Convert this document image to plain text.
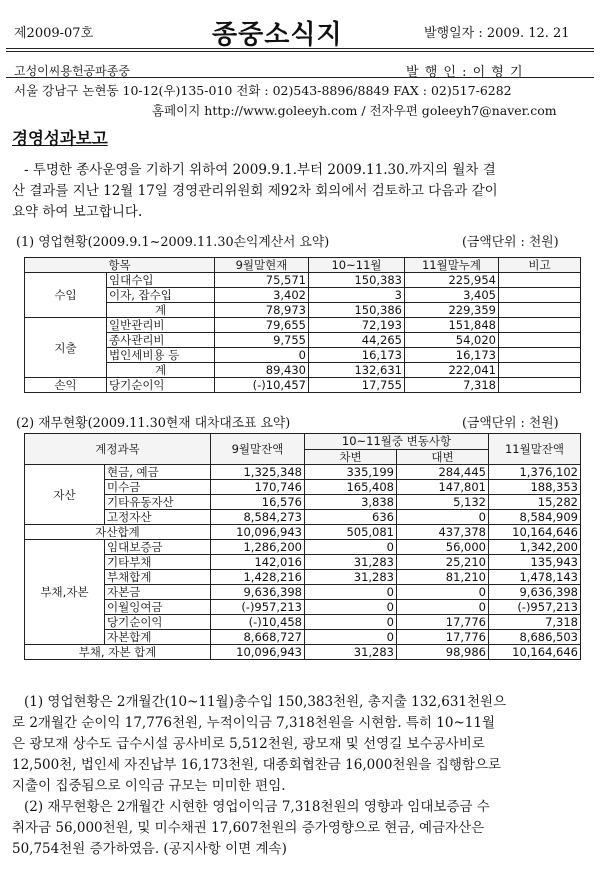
제2009-07호	종중소식지	발행일자 : 2009. 12. 21
고성이씨용헌공파종중	발 행 인 : 이 형 기
서울 강남구 논현동 10-12(우)135-010 전화 : 02)543-8896/8849 FAX : 02)517-6282
홈페이지 http://www.goleeyh.com / 전자우편 goleeyh7@naver.com
경영성과보고
- 투명한 종사운영을 기하기 위하여 2009.9.1.부터 2009.11.30.까지의 월차 결
산 결과를 지난 12월 17일 경영관리위원회 제92차 회의에서 검토하고 다음과 같이
요약 하여 보고합니다.
(1) 영업현황(2009.9.1~2009.11.30손익계산서 요약)	(금액단위 : 천원)
항목		9월말현재	10~11월	11월말누계	비고
수입	임대수입	75,571	150,383	225,954	
	이자, 잡수입	3,402	3	3,405	
	계	78,973	150,386	229,359	
지출	일반관리비	79,655	72,193	151,848	
	종사관리비	9,755	44,265	54,020	
	법인세비용 등	0	16,173	16,173	
	계	89,430	132,631	222,041	
손익	당기순이익	(-)10,457	17,755	7,318	
(2) 재무현황(2009.11.30현재 대차대조표 요약)	(금액단위 : 천원)
계정과목		9월말잔액	10~11월중 변동사항		11월말잔액
			차변	대변	
자산	현금, 예금	1,325,348	335,199	284,445	1,376,102
	미수금	170,746	165,408	147,801	188,353
	기타유동자산	16,576	3,838	5,132	15,282
	고정자산	8,584,273	636	0	8,584,909
자산합계		10,096,943	505,081	437,378	10,164,646
부채,자본	임대보증금	1,286,200	0	56,000	1,342,200
	기타부채	142,016	31,283	25,210	135,943
	부채합계	1,428,216	31,283	81,210	1,478,143
	자본금	9,636,398	0	0	9,636,398
	이월잉여금	(-)957,213	0	0	(-)957,213
	당기순이익	(-)10,458	0	17,776	7,318
	자본합계	8,668,727	0	17,776	8,686,503
부채, 자본 합계		10,096,943	31,283	98,986	10,164,646
(1) 영업현황은 2개월간(10~11월)총수입 150,383천원, 총지출 132,631천원으
로 2개월간 순이익 17,776천원, 누적이익금 7,318천원을 시현함. 특히 10~11월
은 광모재 상수도 급수시설 공사비로 5,512천원, 광모재 및 선영길 보수공사비로
12,500천, 법인세 자진납부 16,173천원, 대종회협찬금 16,000천원을 집행함으로
지출이 집중됨으로 이익금 규모는 미미한 편임.
(2) 재무현황은 2개월간 시현한 영업이익금 7,318천원의 영향과 임대보증금 수
취자금 56,000천원, 및 미수채권 17,607천원의 증가영향으로 현금, 예금자산은
50,754천원 증가하였음. (공지사항 이면 계속)
